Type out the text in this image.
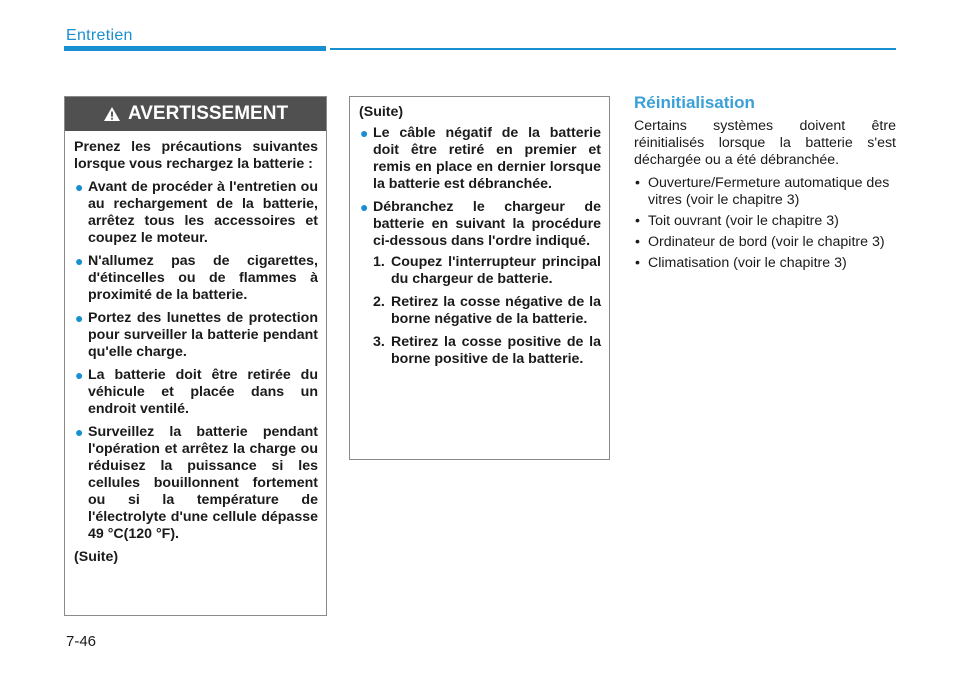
Entretien
AVERTISSEMENT

Prenez les précautions suivantes lorsque vous rechargez la batterie :

● Avant de procéder à l'entretien ou au rechargement de la batterie, arrêtez tous les accessoires et coupez le moteur.
● N'allumez pas de cigarettes, d'étincelles ou de flammes à proximité de la batterie.
● Portez des lunettes de protection pour surveiller la batterie pendant qu'elle charge.
● La batterie doit être retirée du véhicule et placée dans un endroit ventilé.
● Surveillez la batterie pendant l'opération et arrêtez la charge ou réduisez la puissance si les cellules bouillonnent fortement ou si la température de l'électrolyte d'une cellule dépasse 49 °C(120 °F).

(Suite)

(Suite)

● Le câble négatif de la batterie doit être retiré en premier et remis en place en dernier lorsque la batterie est débranchée.
● Débranchez le chargeur de batterie en suivant la procédure ci-dessous dans l'ordre indiqué.
1. Coupez l'interrupteur principal du chargeur de batterie.
2. Retirez la cosse négative de la borne négative de la batterie.
3. Retirez la cosse positive de la borne positive de la batterie.
Réinitialisation

Certains systèmes doivent être réinitialisés lorsque la batterie s'est déchargée ou a été débranchée.

• Ouverture/Fermeture automatique des vitres (voir le chapitre 3)
• Toit ouvrant (voir le chapitre 3)
• Ordinateur de bord (voir le chapitre 3)
• Climatisation (voir le chapitre 3)
7-46
